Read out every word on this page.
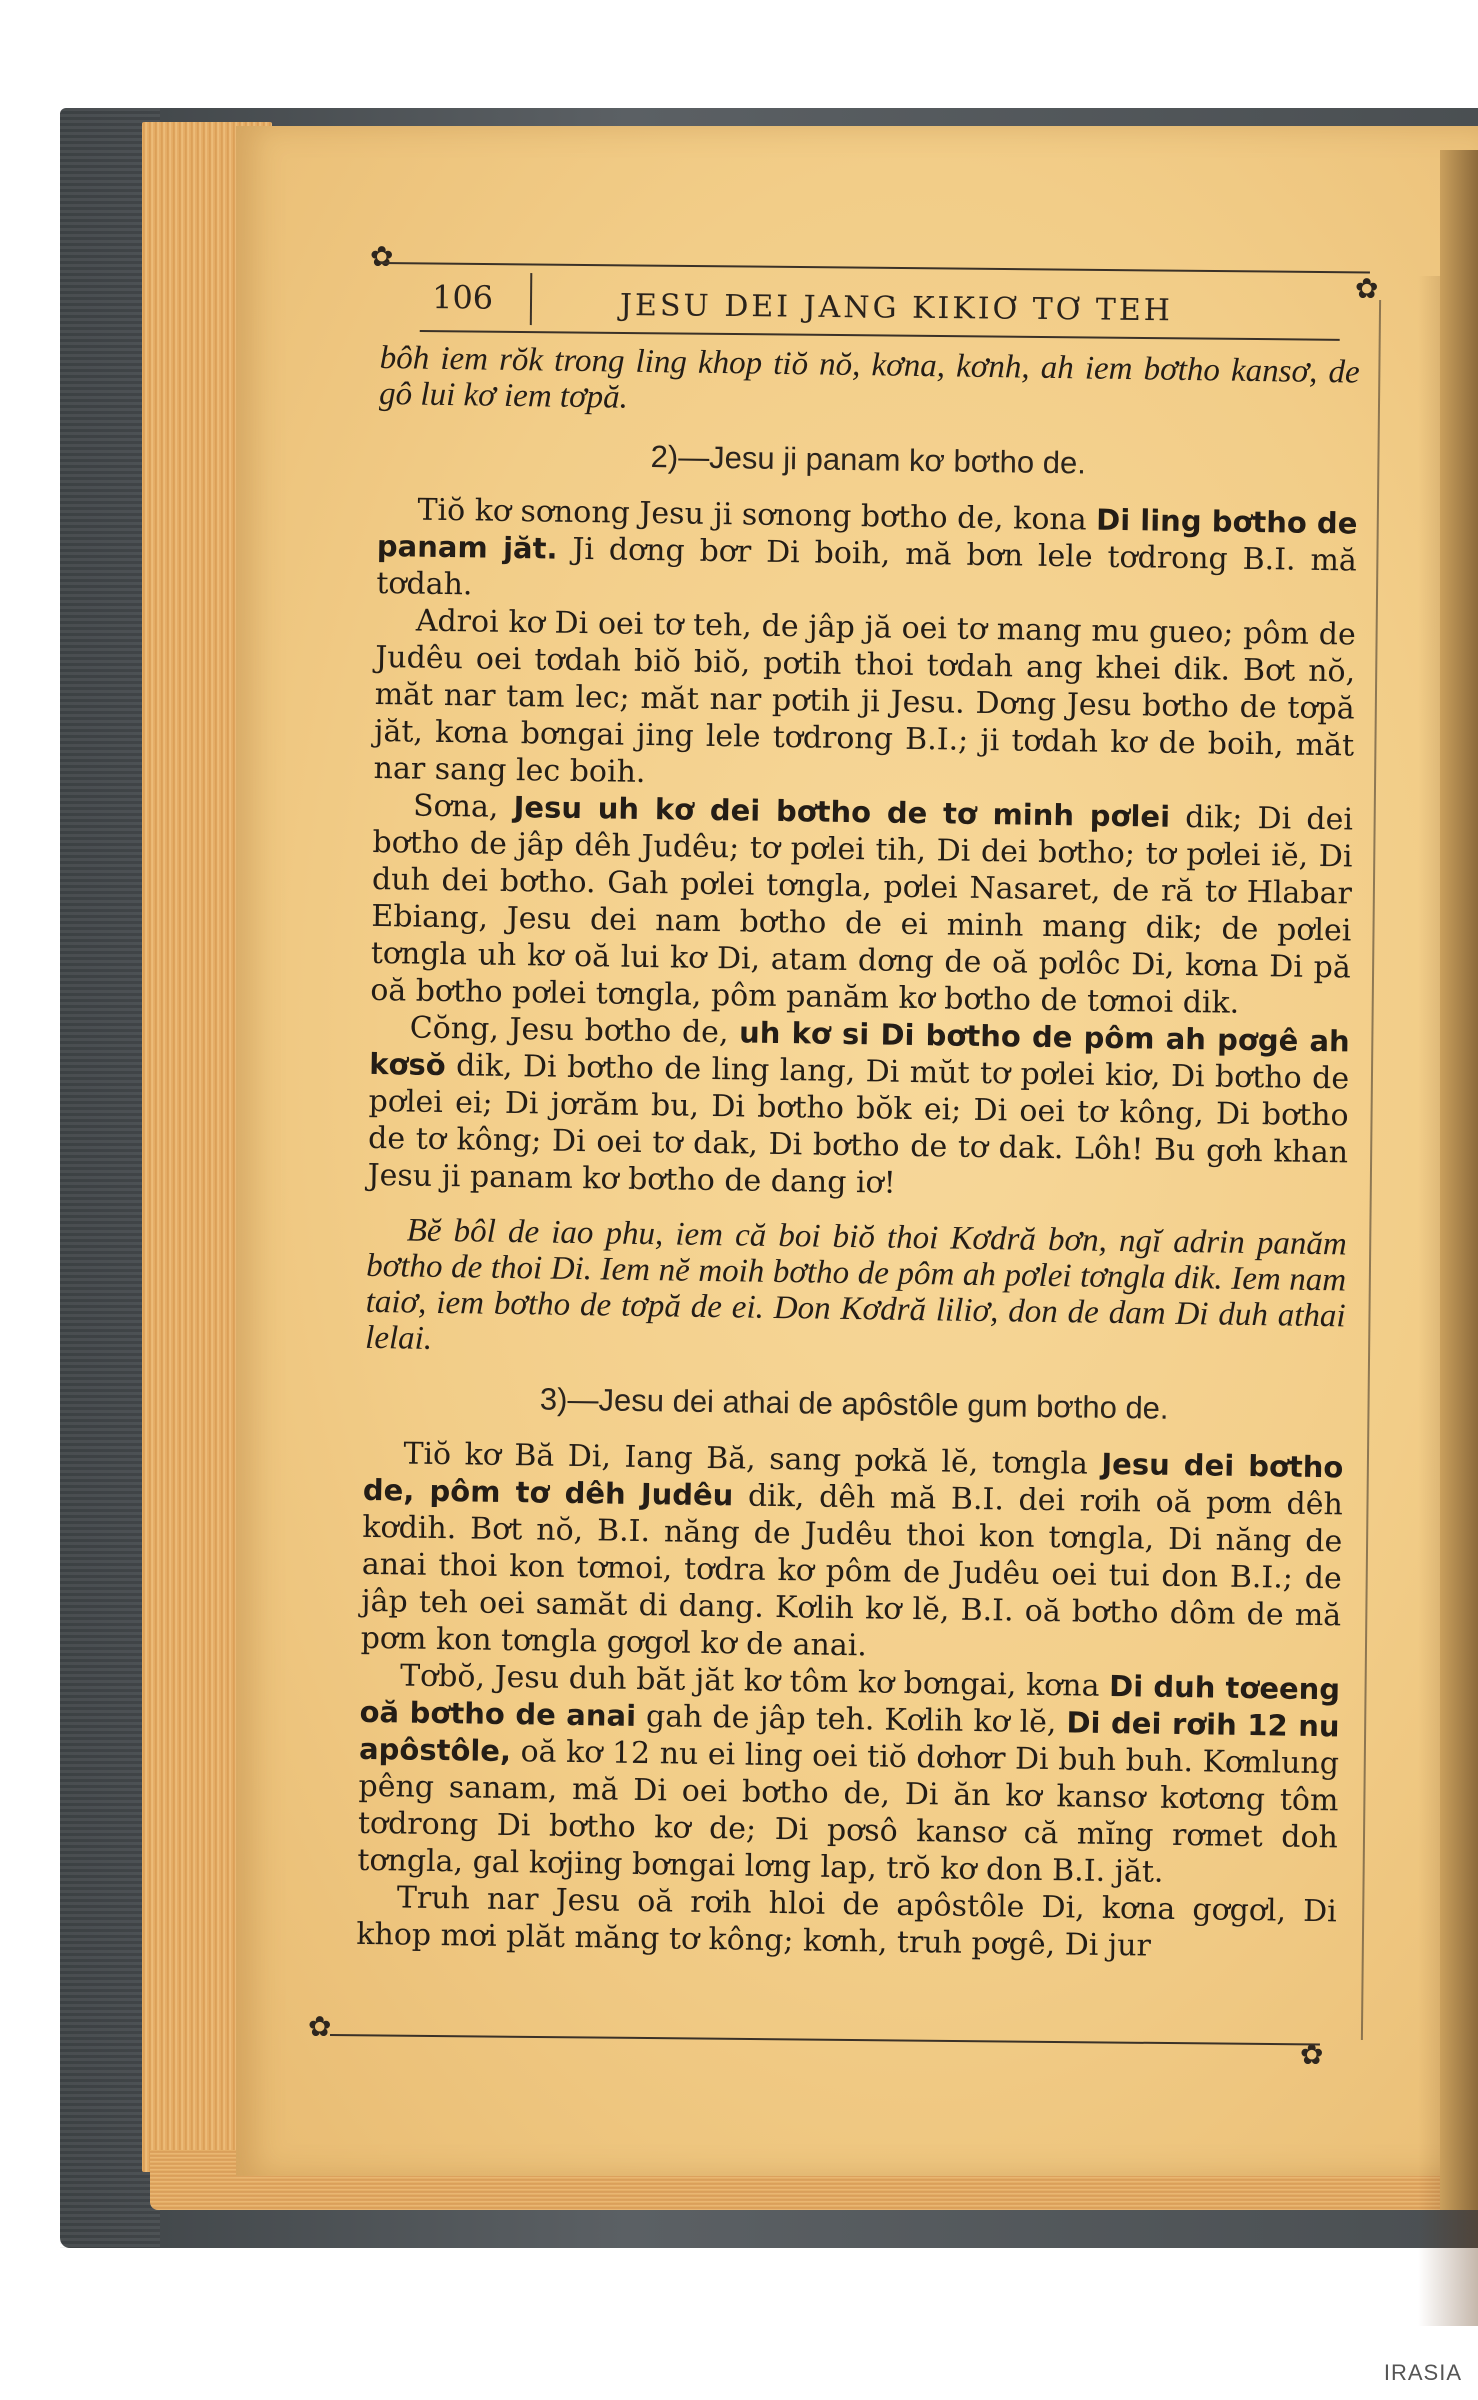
✿
✿
106	JESU DEI JANG KIKIƠ TƠ TEH

bôh iem rŏk trong ling khop tiŏ nŏ, kơna, kơnh, ah iem bơtho kansơ, de gô lui kơ iem tơpă.

2)—Jesu ji panam kơ bơtho de.

Tiŏ kơ sơnong Jesu ji sơnong bơtho de, kona Di ling bơtho de panam jăt. Ji dơng bơr Di boih, mă bơn lele tơdrong B.I. mă tơdah.

Adroi kơ Di oei tơ teh, de jâp jă oei tơ mang mu gueo; pôm de Judêu oei tơdah biŏ biŏ, pơtih thoi tơdah ang khei dik. Bơt nŏ, măt nar tam lec; măt nar pơtih ji Jesu. Dơng Jesu bơtho de tơpă jăt, kơna bơngai jing lele tơdrong B.I.; ji tơdah kơ de boih, măt nar sang lec boih.

Sơna, Jesu uh kơ dei bơtho de tơ minh pơlei dik; Di dei bơtho de jâp dêh Judêu; tơ pơlei tih, Di dei bơtho; tơ pơlei iĕ, Di duh dei bơtho. Gah pơlei tơngla, pơlei Nasaret, de ră tơ Hlabar Ebiang, Jesu dei nam bơtho de ei minh mang dik; de pơlei tơngla uh kơ oă lui kơ Di, atam dơng de oă pơlôc Di, kơna Di pă oă bơtho pơlei tơngla, pôm panăm kơ bơtho de tơmoi dik.

Cŏng, Jesu bơtho de, uh kơ si Di bơtho de pôm ah pơgê ah kơsŏ dik, Di bơtho de ling lang, Di mŭt tơ pơlei kiơ, Di bơtho de pơlei ei; Di jơrăm bu, Di bơtho bŏk ei; Di oei tơ kông, Di bơtho de tơ kông; Di oei tơ dak, Di bơtho de tơ dak. Lôh! Bu gơh khan Jesu ji panam kơ bơtho de dang iơ!

Bĕ bôl de iao phu, iem că boi biŏ thoi Kơdră bơn, ngĭ adrin panăm bơtho de thoi Di. Iem nĕ moih bơtho de pôm ah pơlei tơngla dik. Iem nam taiơ, iem bơtho de tơpă de ei. Don Kơdră liliơ, don de dam Di duh athai lelai.

3)—Jesu dei athai de apôstôle gum bơtho de.

Tiŏ kơ Bă Di, Iang Bă, sang pơkă lĕ, tơngla Jesu dei bơtho de, pôm tơ dêh Judêu dik, dêh mă B.I. dei rơih oă pơm dêh kơdih. Bơt nŏ, B.I. năng de Judêu thoi kon tơngla, Di năng de anai thoi kon tơmoi, tơdra kơ pôm de Judêu oei tui don B.I.; de jâp teh oei samăt di dang. Kơlih kơ lĕ, B.I. oă bơtho dôm de mă pơm kon tơngla gơgơl kơ de anai.

Tơbŏ, Jesu duh băt jăt kơ tôm kơ bơngai, kơna Di duh tơeeng oă bơtho de anai gah de jâp teh. Kơlih kơ lĕ, Di dei rơih 12 nu apôstôle, oă kơ 12 nu ei ling oei tiŏ dơhơr Di buh buh. Kơmlung pêng sanam, mă Di oei bơtho de, Di ăn kơ kansơ kơtơng tôm tơdrong Di bơtho kơ de; Di pơsô kansơ că mĭng rơmet doh tơngla, gal kơjing bơngai lơng lap, trŏ kơ don B.I. jăt.

Truh nar Jesu oă rơih hloi de apôstôle Di, kơna gơgơl, Di khop mơi plăt măng tơ kông; kơnh, truh pơgê, Di jur

✿
✿
IRASIA
